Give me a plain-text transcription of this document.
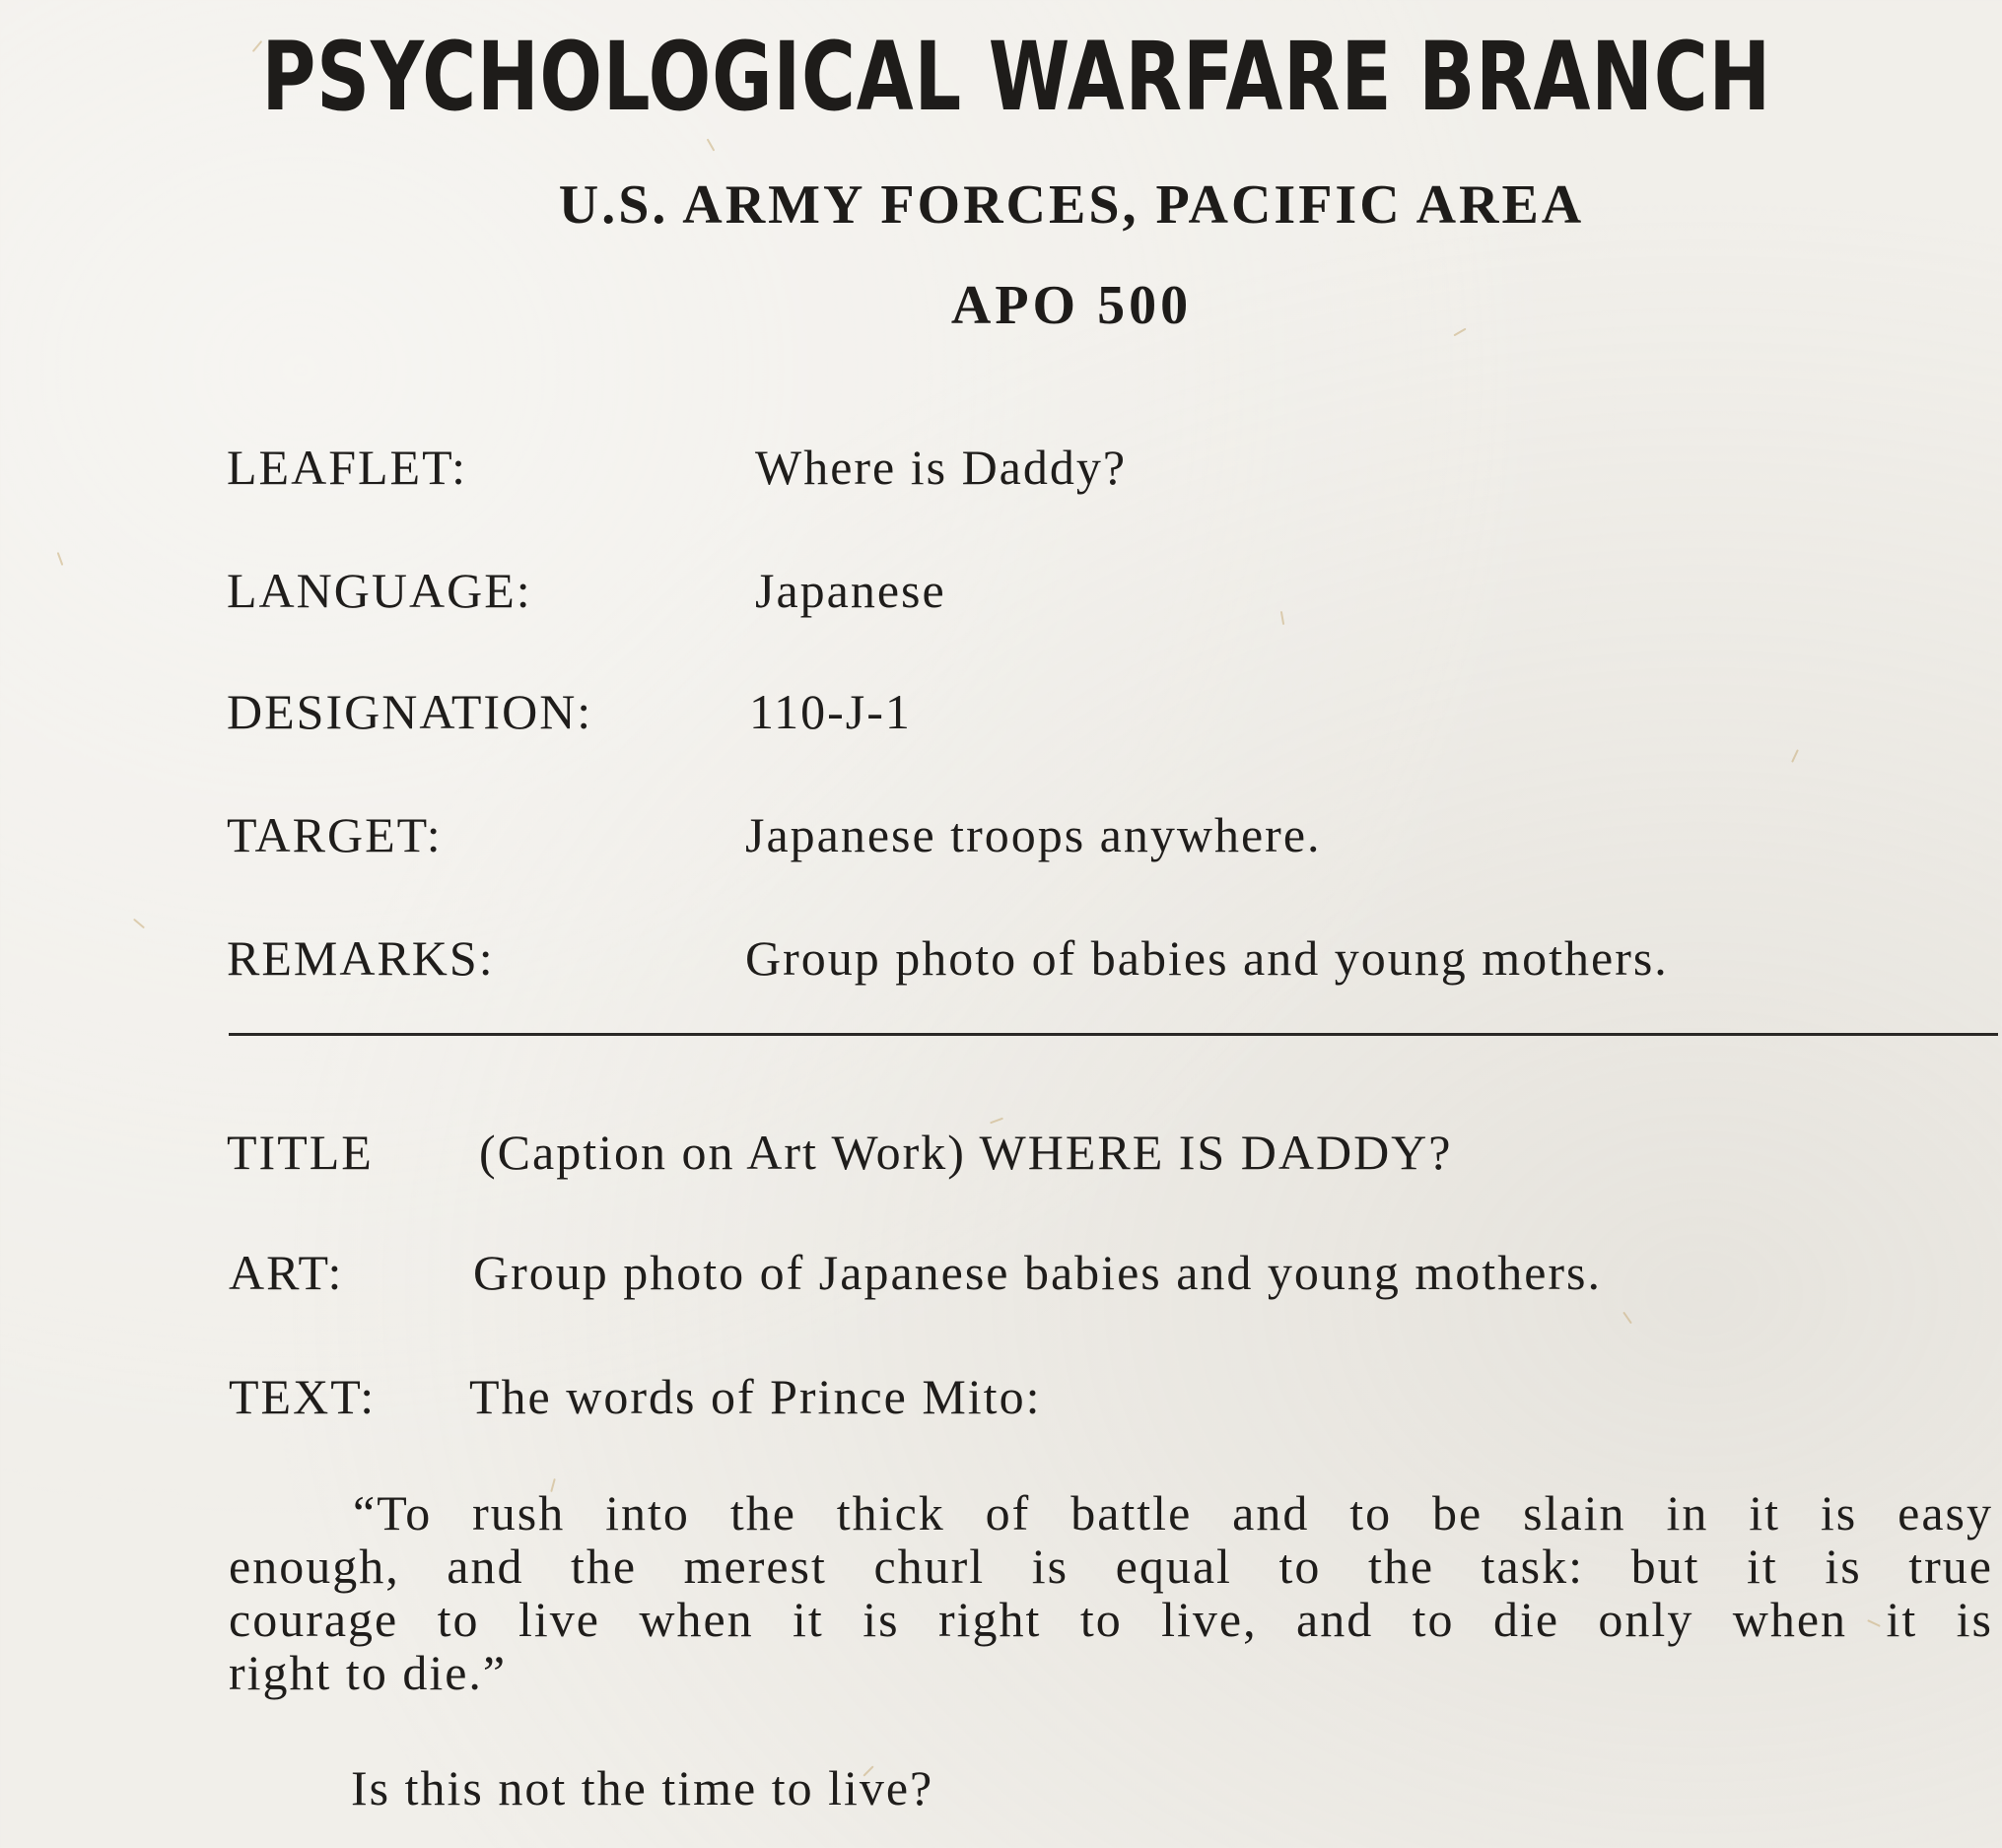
PSYCHOLOGICAL WARFARE BRANCH
U.S. ARMY FORCES, PACIFIC AREA
APO 500
LEAFLET:	Where is Daddy?
LANGUAGE:	Japanese
DESIGNATION:	110-J-1
TARGET:	Japanese troops anywhere.
REMARKS:	Group photo of babies and young mothers.
TITLE (Caption on Art Work) WHERE IS DADDY?
ART:	Group photo of Japanese babies and young mothers.
TEXT: The words of Prince Mito:
“To rush into the thick of battle and to be slain in it is easy
enough, and the merest churl is equal to the task: but it is true
courage to live when it is right to live, and to die only when it is
right to die.”
Is this not the time to live?
